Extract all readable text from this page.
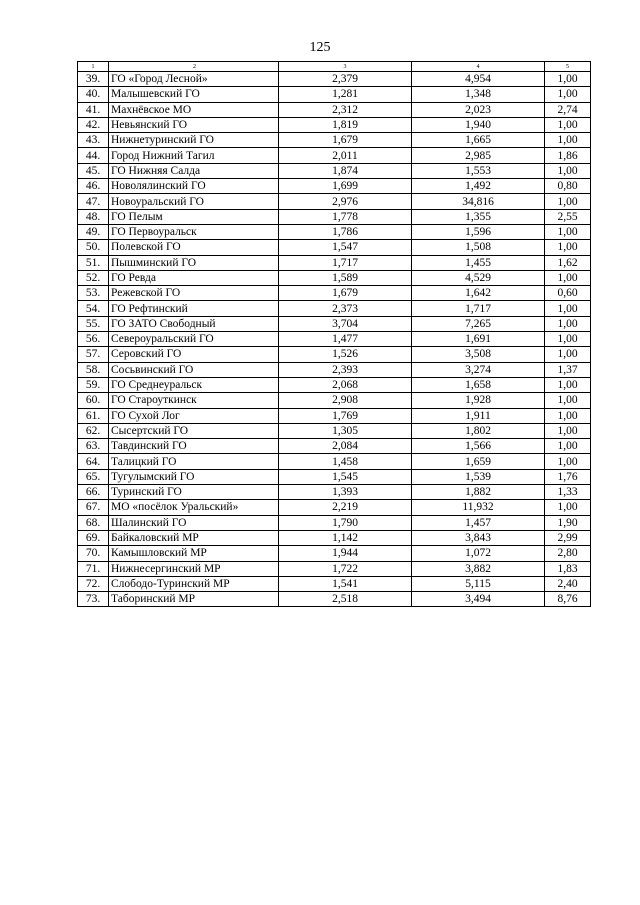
125
1	2	3	4	5
39.	ГО «Город Лесной»	2,379	4,954	1,00
40.	Малышевский ГО	1,281	1,348	1,00
41.	Махнёвское МО	2,312	2,023	2,74
42.	Невьянский ГО	1,819	1,940	1,00
43.	Нижнетуринский ГО	1,679	1,665	1,00
44.	Город Нижний Тагил	2,011	2,985	1,86
45.	ГО Нижняя Салда	1,874	1,553	1,00
46.	Новолялинский ГО	1,699	1,492	0,80
47.	Новоуральский ГО	2,976	34,816	1,00
48.	ГО Пелым	1,778	1,355	2,55
49.	ГО Первоуральск	1,786	1,596	1,00
50.	Полевской ГО	1,547	1,508	1,00
51.	Пышминский ГО	1,717	1,455	1,62
52.	ГО Ревда	1,589	4,529	1,00
53.	Режевской ГО	1,679	1,642	0,60
54.	ГО Рефтинский	2,373	1,717	1,00
55.	ГО ЗАТО Свободный	3,704	7,265	1,00
56.	Североуральский ГО	1,477	1,691	1,00
57.	Серовский ГО	1,526	3,508	1,00
58.	Сосьвинский ГО	2,393	3,274	1,37
59.	ГО Среднеуральск	2,068	1,658	1,00
60.	ГО Староуткинск	2,908	1,928	1,00
61.	ГО Сухой Лог	1,769	1,911	1,00
62.	Сысертский ГО	1,305	1,802	1,00
63.	Тавдинский ГО	2,084	1,566	1,00
64.	Талицкий ГО	1,458	1,659	1,00
65.	Тугулымский ГО	1,545	1,539	1,76
66.	Туринский ГО	1,393	1,882	1,33
67.	МО «посёлок Уральский»	2,219	11,932	1,00
68.	Шалинский ГО	1,790	1,457	1,90
69.	Байкаловский МР	1,142	3,843	2,99
70.	Камышловский МР	1,944	1,072	2,80
71.	Нижнесергинский МР	1,722	3,882	1,83
72.	Слободо-Туринский МР	1,541	5,115	2,40
73.	Таборинский МР	2,518	3,494	8,76
